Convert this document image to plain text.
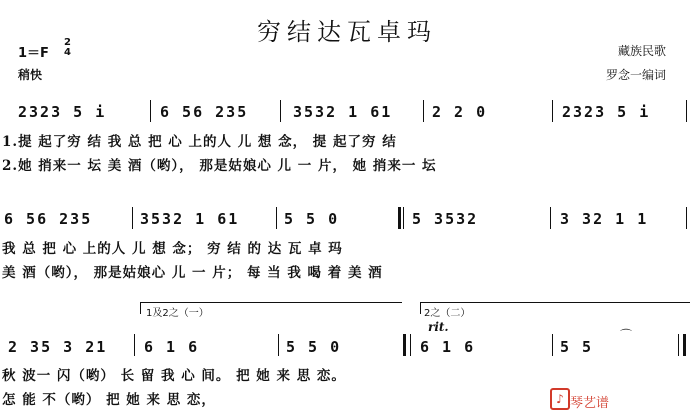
穷结达瓦卓玛
1＝F
2
4
稍快
藏族民歌
罗念一编词
2323 5 i	6 56 235	3532 1 61	2 2 0	2323 5 i
1.提 起了穷 结 我 总 把 心 上的人 儿 想 念， 提 起了穷 结
2.她 捎来一 坛 美 酒（哟）， 那是姑娘心 儿 一 片， 她 捎来一 坛
6 56 235	3532 1 61	5 5 0	5 3532	3 32 1 1
我 总 把 心 上的人 儿 想 念； 穷 结 的 达 瓦 卓 玛
美 酒（哟）， 那是姑娘心 儿 一 片； 每 当 我 喝 着 美 酒
1及2之（一）	2之（二）
rit.
2 35 3 21 6 1 6	5 5 0	6 1 6
⌒
5 5
秋 波一 闪（哟） 长 留 我 心 间。 把 她 来 思 恋。
怎 能 不（哟） 把 她 来 思 恋，	♪ 琴艺谱
